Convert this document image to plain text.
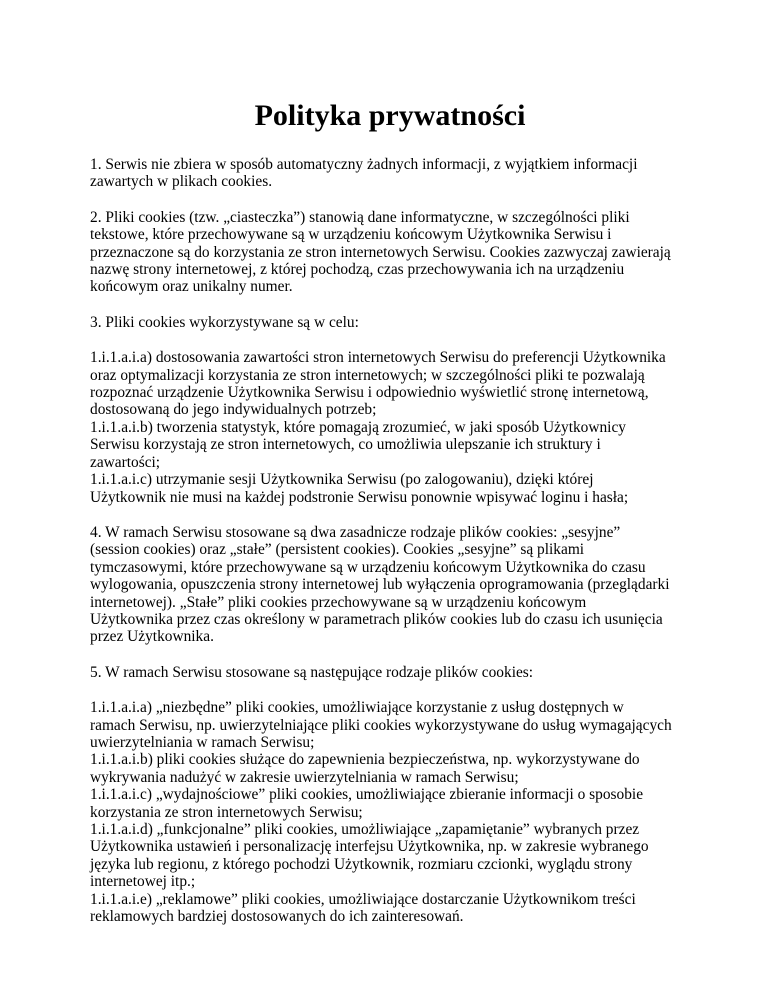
Polityka prywatności

1. Serwis nie zbiera w sposób automatyczny żadnych informacji, z wyjątkiem informacji
zawartych w plikach cookies.

2. Pliki cookies (tzw. „ciasteczka”) stanowią dane informatyczne, w szczególności pliki
tekstowe, które przechowywane są w urządzeniu końcowym Użytkownika Serwisu i
przeznaczone są do korzystania ze stron internetowych Serwisu. Cookies zazwyczaj zawierają
nazwę strony internetowej, z której pochodzą, czas przechowywania ich na urządzeniu
końcowym oraz unikalny numer.

3. Pliki cookies wykorzystywane są w celu:

1.i.1.a.i.a) dostosowania zawartości stron internetowych Serwisu do preferencji Użytkownika
oraz optymalizacji korzystania ze stron internetowych; w szczególności pliki te pozwalają
rozpoznać urządzenie Użytkownika Serwisu i odpowiednio wyświetlić stronę internetową,
dostosowaną do jego indywidualnych potrzeb;
1.i.1.a.i.b) tworzenia statystyk, które pomagają zrozumieć, w jaki sposób Użytkownicy
Serwisu korzystają ze stron internetowych, co umożliwia ulepszanie ich struktury i
zawartości;
1.i.1.a.i.c) utrzymanie sesji Użytkownika Serwisu (po zalogowaniu), dzięki której
Użytkownik nie musi na każdej podstronie Serwisu ponownie wpisywać loginu i hasła;

4. W ramach Serwisu stosowane są dwa zasadnicze rodzaje plików cookies: „sesyjne”
(session cookies) oraz „stałe” (persistent cookies). Cookies „sesyjne” są plikami
tymczasowymi, które przechowywane są w urządzeniu końcowym Użytkownika do czasu
wylogowania, opuszczenia strony internetowej lub wyłączenia oprogramowania (przeglądarki
internetowej). „Stałe” pliki cookies przechowywane są w urządzeniu końcowym
Użytkownika przez czas określony w parametrach plików cookies lub do czasu ich usunięcia
przez Użytkownika.

5. W ramach Serwisu stosowane są następujące rodzaje plików cookies:

1.i.1.a.i.a) „niezbędne” pliki cookies, umożliwiające korzystanie z usług dostępnych w
ramach Serwisu, np. uwierzytelniające pliki cookies wykorzystywane do usług wymagających
uwierzytelniania w ramach Serwisu;
1.i.1.a.i.b) pliki cookies służące do zapewnienia bezpieczeństwa, np. wykorzystywane do
wykrywania nadużyć w zakresie uwierzytelniania w ramach Serwisu;
1.i.1.a.i.c) „wydajnościowe” pliki cookies, umożliwiające zbieranie informacji o sposobie
korzystania ze stron internetowych Serwisu;
1.i.1.a.i.d) „funkcjonalne” pliki cookies, umożliwiające „zapamiętanie” wybranych przez
Użytkownika ustawień i personalizację interfejsu Użytkownika, np. w zakresie wybranego
języka lub regionu, z którego pochodzi Użytkownik, rozmiaru czcionki, wyglądu strony
internetowej itp.;
1.i.1.a.i.e) „reklamowe” pliki cookies, umożliwiające dostarczanie Użytkownikom treści
reklamowych bardziej dostosowanych do ich zainteresowań.
